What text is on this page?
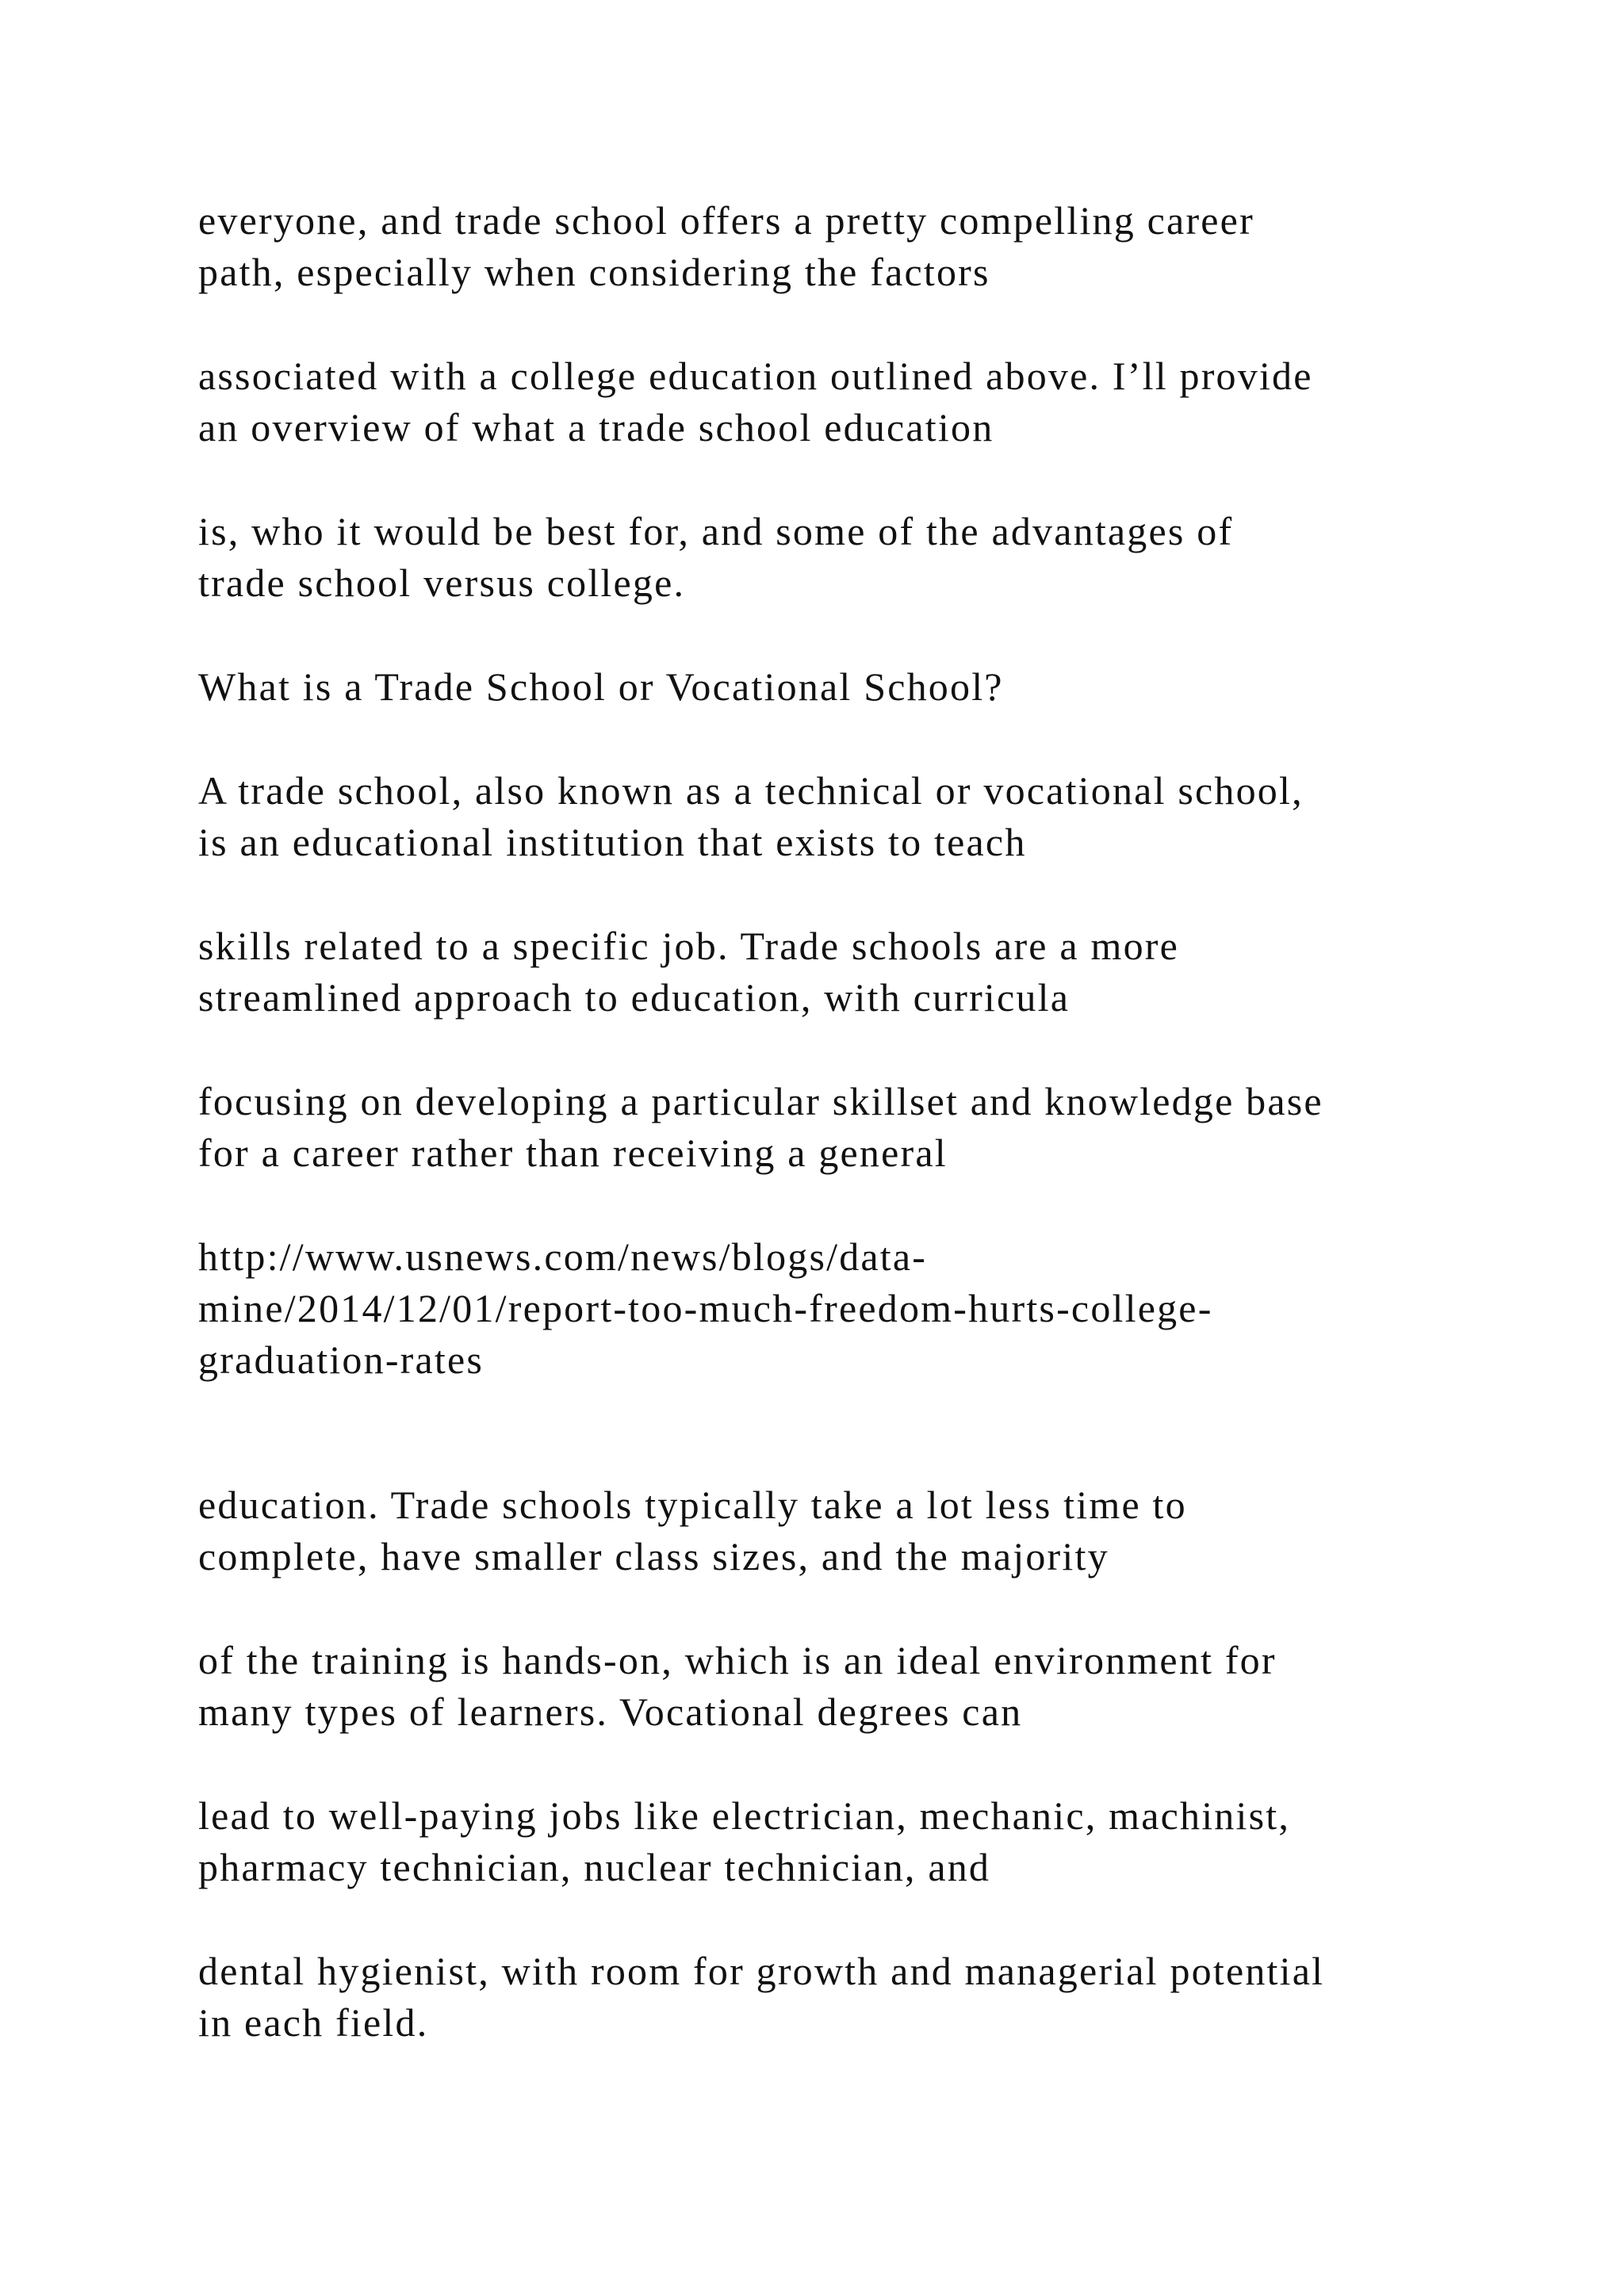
everyone, and trade school offers a pretty compelling career
path, especially when considering the factors

associated with a college education outlined above. I’ll provide
an overview of what a trade school education

is, who it would be best for, and some of the advantages of
trade school versus college.

What is a Trade School or Vocational School?

A trade school, also known as a technical or vocational school,
is an educational institution that exists to teach

skills related to a specific job. Trade schools are a more
streamlined approach to education, with curricula

focusing on developing a particular skillset and knowledge base
for a career rather than receiving a general

http://www.usnews.com/news/blogs/data-
mine/2014/12/01/report-too-much-freedom-hurts-college-
graduation-rates

education. Trade schools typically take a lot less time to
complete, have smaller class sizes, and the majority

of the training is hands-on, which is an ideal environment for
many types of learners. Vocational degrees can

lead to well-paying jobs like electrician, mechanic, machinist,
pharmacy technician, nuclear technician, and

dental hygienist, with room for growth and managerial potential
in each field.
